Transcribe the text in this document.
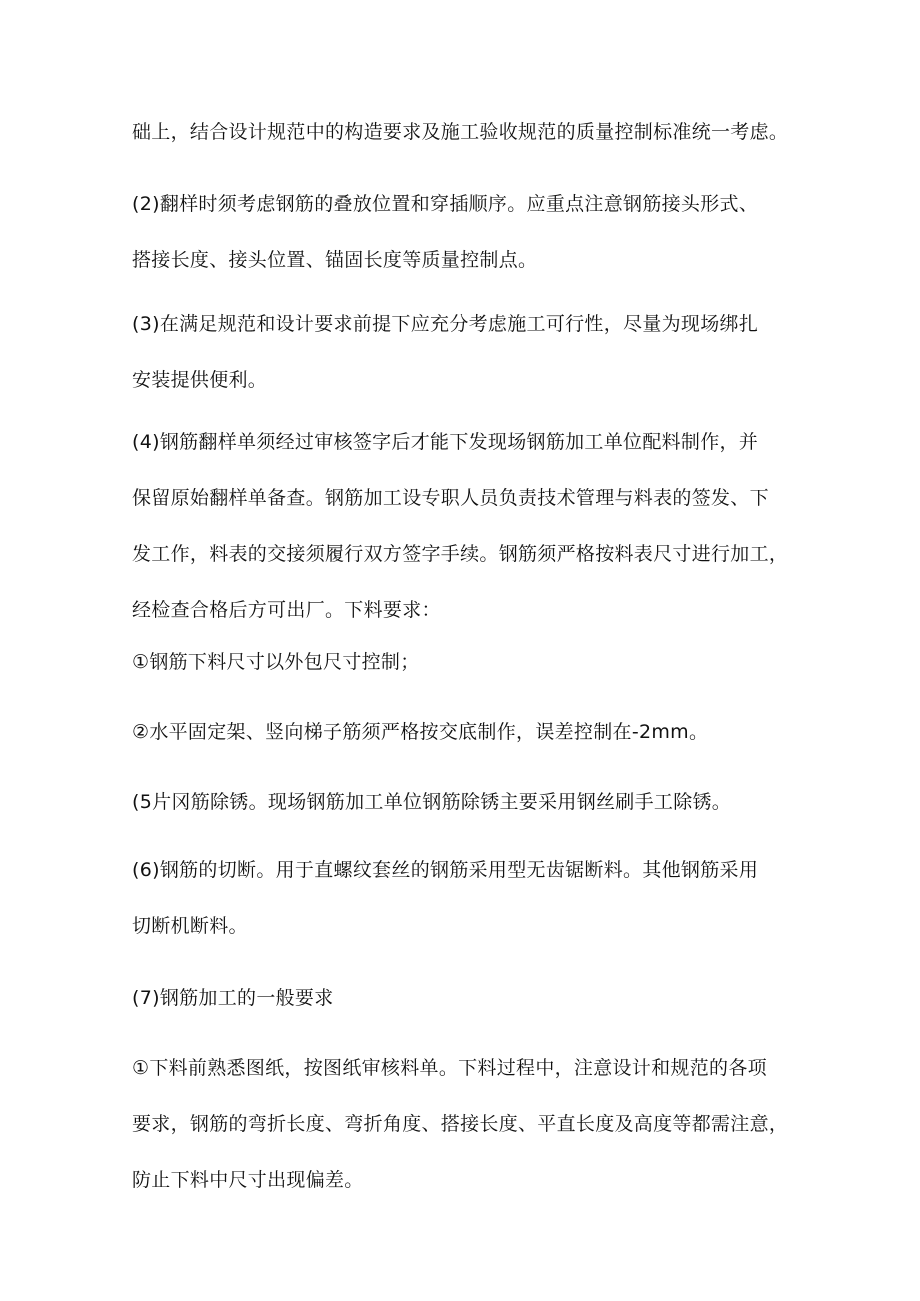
础上，结合设计规范中的构造要求及施工验收规范的质量控制标准统一考虑。

(2)翻样时须考虑钢筋的叠放位置和穿插顺序。应重点注意钢筋接头形式、
搭接长度、接头位置、锚固长度等质量控制点。

(3)在满足规范和设计要求前提下应充分考虑施工可行性，尽量为现场绑扎
安装提供便利。

(4)钢筋翻样单须经过审核签字后才能下发现场钢筋加工单位配料制作，并
保留原始翻样单备查。钢筋加工设专职人员负责技术管理与料表的签发、下
发工作，料表的交接须履行双方签字手续。钢筋须严格按料表尺寸进行加工，
经检查合格后方可出厂。下料要求：

①钢筋下料尺寸以外包尺寸控制；

②水平固定架、竖向梯子筋须严格按交底制作，误差控制在-2mm。

(5片冈筋除锈。现场钢筋加工单位钢筋除锈主要采用钢丝刷手工除锈。

(6)钢筋的切断。用于直螺纹套丝的钢筋采用型无齿锯断料。其他钢筋采用
切断机断料。

(7)钢筋加工的一般要求

①下料前熟悉图纸，按图纸审核料单。下料过程中，注意设计和规范的各项
要求，钢筋的弯折长度、弯折角度、搭接长度、平直长度及高度等都需注意，
防止下料中尺寸出现偏差。
